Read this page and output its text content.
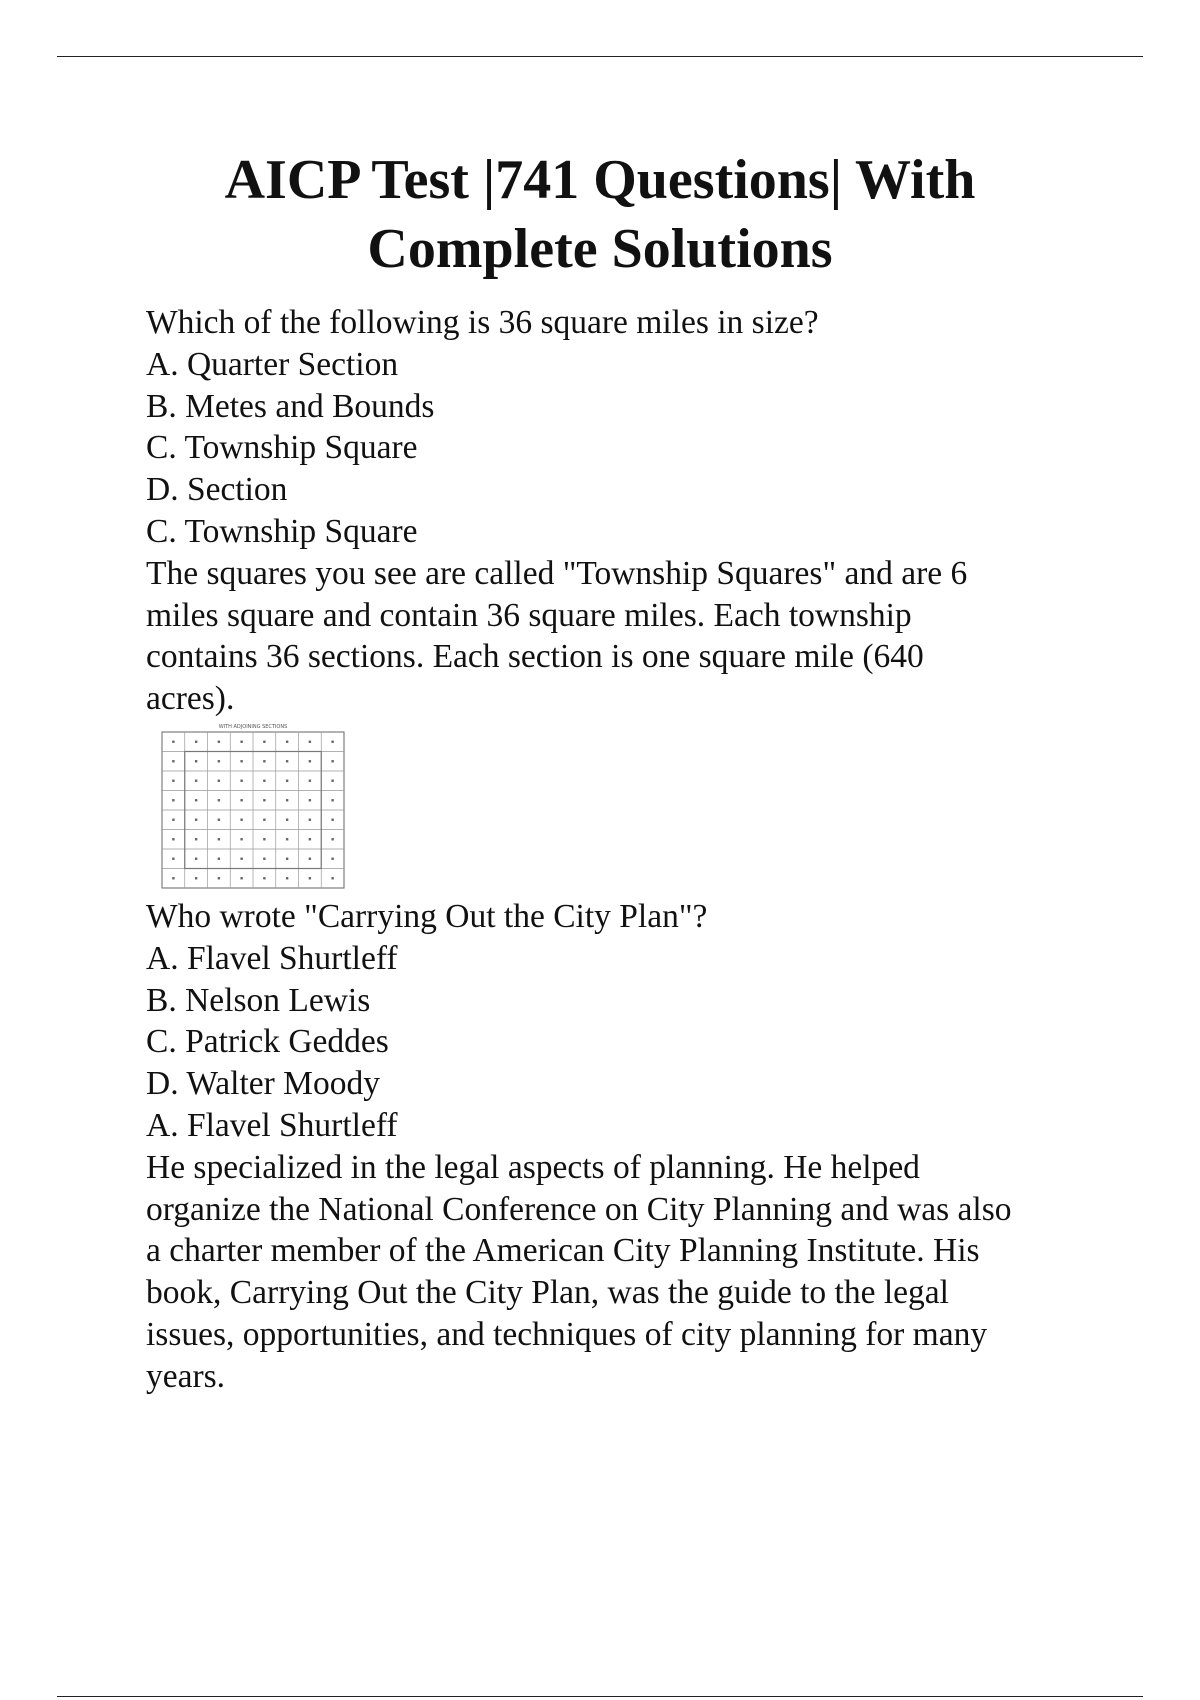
AICP Test |741 Questions| With
Complete Solutions
Which of the following is 36 square miles in size?
A. Quarter Section
B. Metes and Bounds
C. Township Square
D. Section
C. Township Square
The squares you see are called "Township Squares" and are 6
miles square and contain 36 square miles. Each township
contains 36 sections. Each section is one square mile (640
acres).
WITH ADJOINING SECTIONS
Who wrote "Carrying Out the City Plan"?
A. Flavel Shurtleff
B. Nelson Lewis
C. Patrick Geddes
D. Walter Moody
A. Flavel Shurtleff
He specialized in the legal aspects of planning. He helped
organize the National Conference on City Planning and was also
a charter member of the American City Planning Institute. His
book, Carrying Out the City Plan, was the guide to the legal
issues, opportunities, and techniques of city planning for many
years.
